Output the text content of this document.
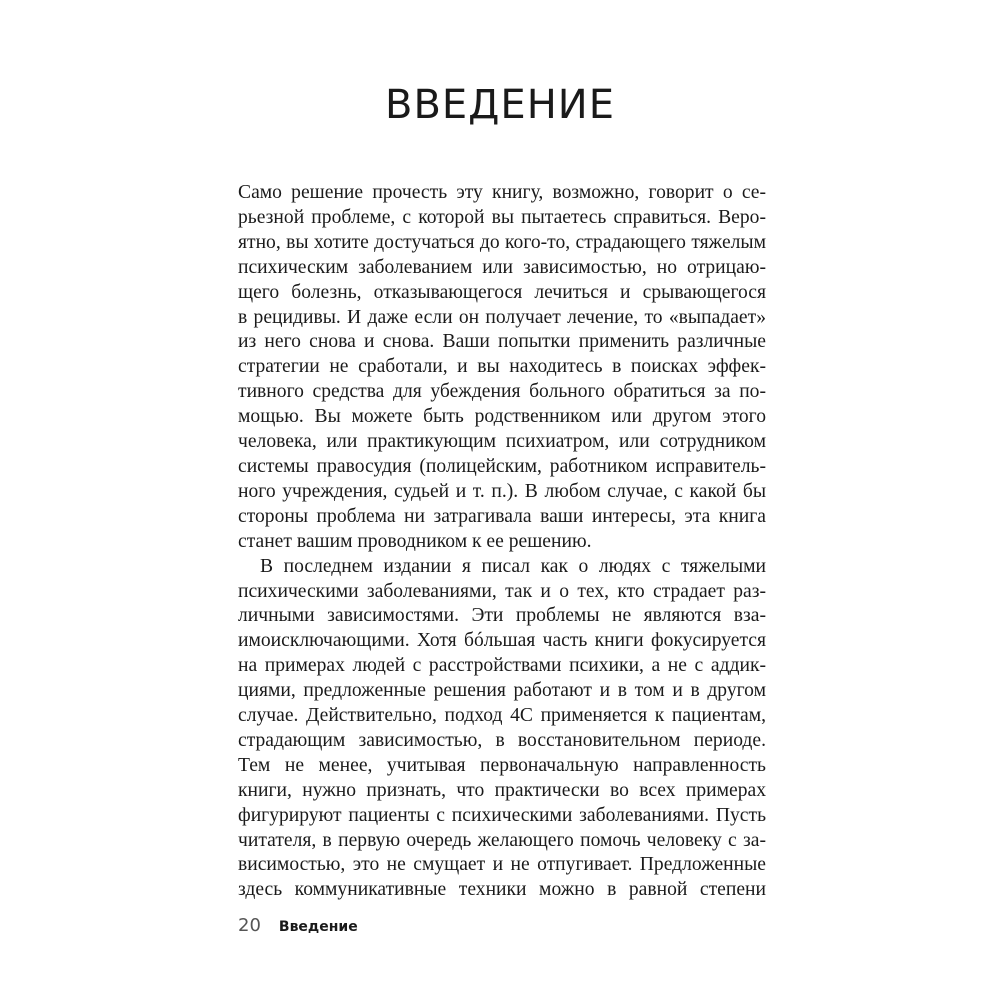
ВВЕДЕНИЕ
Само решение прочесть эту книгу, возможно, говорит о се-
рьезной проблеме, с которой вы пытаетесь справиться. Веро-
ятно, вы хотите достучаться до кого-то, страдающего тяжелым
психическим заболеванием или зависимостью, но отрицаю-
щего болезнь, отказывающегося лечиться и срывающегося
в рецидивы. И даже если он получает лечение, то «выпадает»
из него снова и снова. Ваши попытки применить различные
стратегии не сработали, и вы находитесь в поисках эффек-
тивного средства для убеждения больного обратиться за по-
мощью. Вы можете быть родственником или другом этого
человека, или практикующим психиатром, или сотрудником
системы правосудия (полицейским, работником исправитель-
ного учреждения, судьей и т. п.). В любом случае, с какой бы
стороны проблема ни затрагивала ваши интересы, эта книга
станет вашим проводником к ее решению.
В последнем издании я писал как о людях с тяжелыми
психическими заболеваниями, так и о тех, кто страдает раз-
личными зависимостями. Эти проблемы не являются вза-
имоисключающими. Хотя бóльшая часть книги фокусируется
на примерах людей с расстройствами психики, а не с аддик-
циями, предложенные решения работают и в том и в другом
случае. Действительно, подход 4С применяется к пациентам,
страдающим зависимостью, в восстановительном периоде.
Тем не менее, учитывая первоначальную направленность
книги, нужно признать, что практически во всех примерах
фигурируют пациенты с психическими заболеваниями. Пусть
читателя, в первую очередь желающего помочь человеку с за-
висимостью, это не смущает и не отпугивает. Предложенные
здесь коммуникативные техники можно в равной степени
20 Введение
